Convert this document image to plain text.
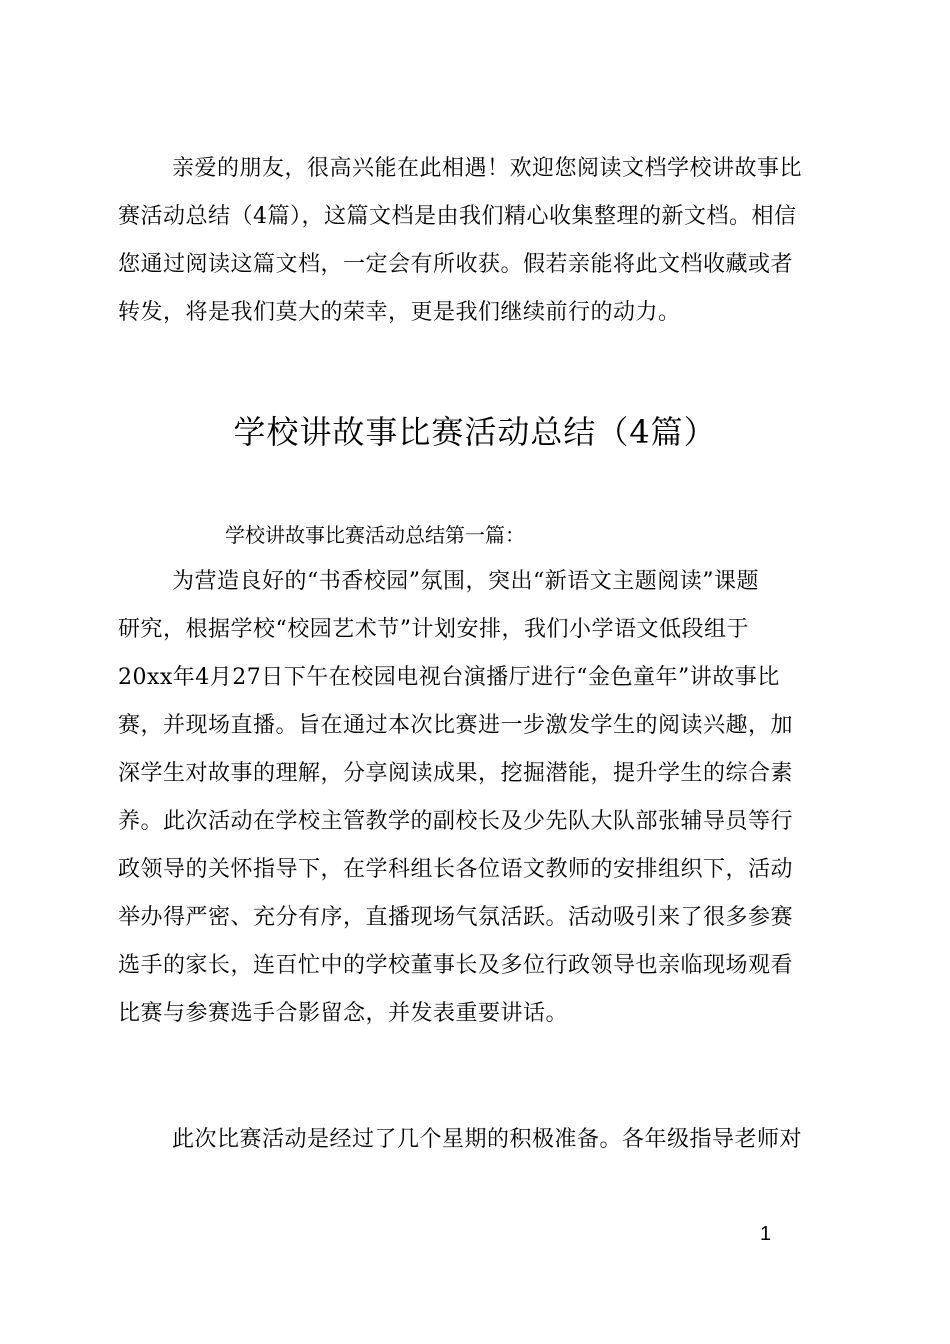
亲爱的朋友，很高兴能在此相遇！欢迎您阅读文档学校讲故事比
赛活动总结（4篇），这篇文档是由我们精心收集整理的新文档。相信
您通过阅读这篇文档，一定会有所收获。假若亲能将此文档收藏或者
转发，将是我们莫大的荣幸，更是我们继续前行的动力。
学校讲故事比赛活动总结（4篇）
学校讲故事比赛活动总结第一篇：
为营造良好的“书香校园”氛围，突出“新语文主题阅读”课题
研究，根据学校“校园艺术节”计划安排，我们小学语文低段组于
20xx年4月27日下午在校园电视台演播厅进行“金色童年”讲故事比
赛，并现场直播。旨在通过本次比赛进一步激发学生的阅读兴趣，加
深学生对故事的理解，分享阅读成果，挖掘潜能，提升学生的综合素
养。此次活动在学校主管教学的副校长及少先队大队部张辅导员等行
政领导的关怀指导下，在学科组长各位语文教师的安排组织下，活动
举办得严密、充分有序，直播现场气氛活跃。活动吸引来了很多参赛
选手的家长，连百忙中的学校董事长及多位行政领导也亲临现场观看
比赛与参赛选手合影留念，并发表重要讲话。
此次比赛活动是经过了几个星期的积极准备。各年级指导老师对
1
